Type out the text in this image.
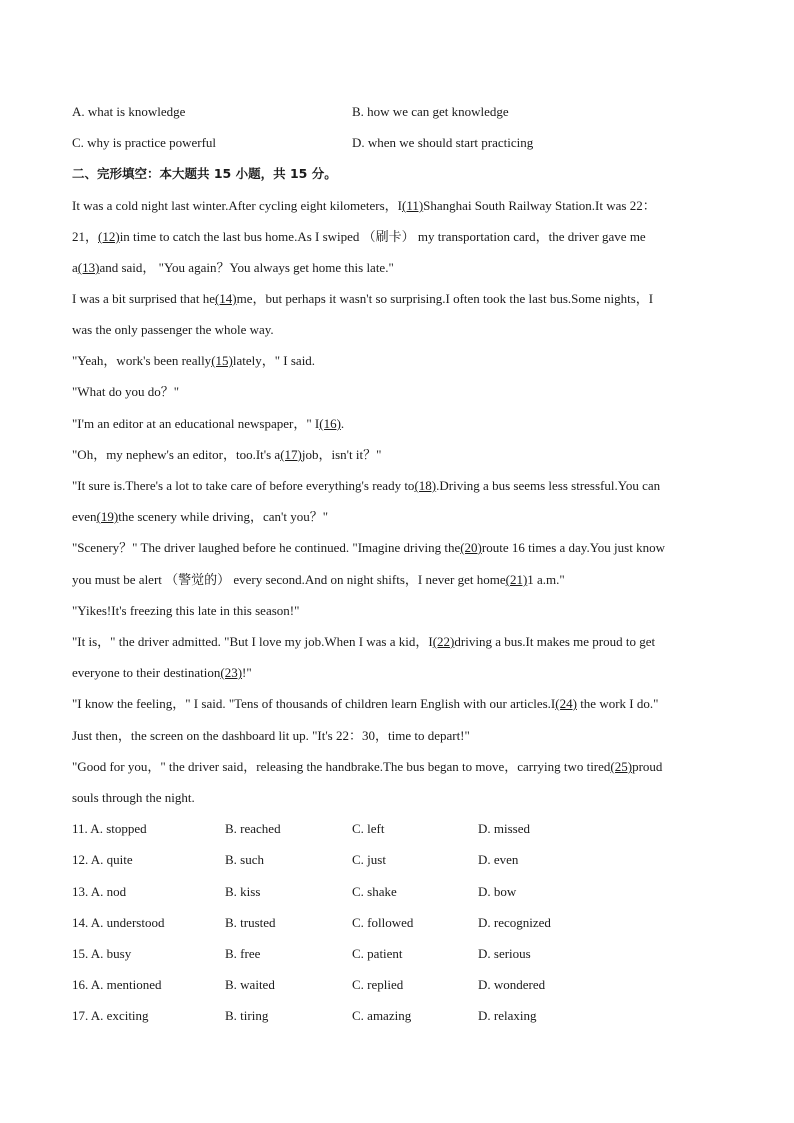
A. what is knowledge	B. how we can get knowledge
C. why is practice powerful	D. when we should start practicing
二、完形填空：本大题共 15 小题，共 15 分。
It was a cold night last winter.After cycling eight kilometers，I(11)Shanghai South Railway Station.It was 22：
21，(12)in time to catch the last bus home.As I swiped （刷卡） my transportation card，the driver gave me
a(13)and said， "You again？You always get home this late."
I was a bit surprised that he(14)me，but perhaps it wasn't so surprising.I often took the last bus.Some nights，I
was the only passenger the whole way.
"Yeah，work's been really(15)lately，" I said.
"What do you do？"
"I'm an editor at an educational newspaper，" I(16).
"Oh，my nephew's an editor，too.It's a(17)job，isn't it？"
"It sure is.There's a lot to take care of before everything's ready to(18).Driving a bus seems less stressful.You can
even(19)the scenery while driving，can't you？"
"Scenery？" The driver laughed before he continued. "Imagine driving the(20)route 16 times a day.You just know
you must be alert （警觉的） every second.And on night shifts，I never get home(21)1 a.m."
"Yikes!It's freezing this late in this season!"
"It is，" the driver admitted. "But I love my job.When I was a kid，I(22)driving a bus.It makes me proud to get
everyone to their destination(23)!"
"I know the feeling，" I said. "Tens of thousands of children learn English with our articles.I(24) the work I do."
Just then，the screen on the dashboard lit up. "It's 22：30，time to depart!"
"Good for you，" the driver said，releasing the handbrake.The bus began to move，carrying two tired(25)proud
souls through the night.
11. A. stopped	B. reached	C. left	D. missed
12. A. quite	B. such	C. just	D. even
13. A. nod	B. kiss	C. shake	D. bow
14. A. understood	B. trusted	C. followed	D. recognized
15. A. busy	B. free	C. patient	D. serious
16. A. mentioned	B. waited	C. replied	D. wondered
17. A. exciting	B. tiring	C. amazing	D. relaxing
